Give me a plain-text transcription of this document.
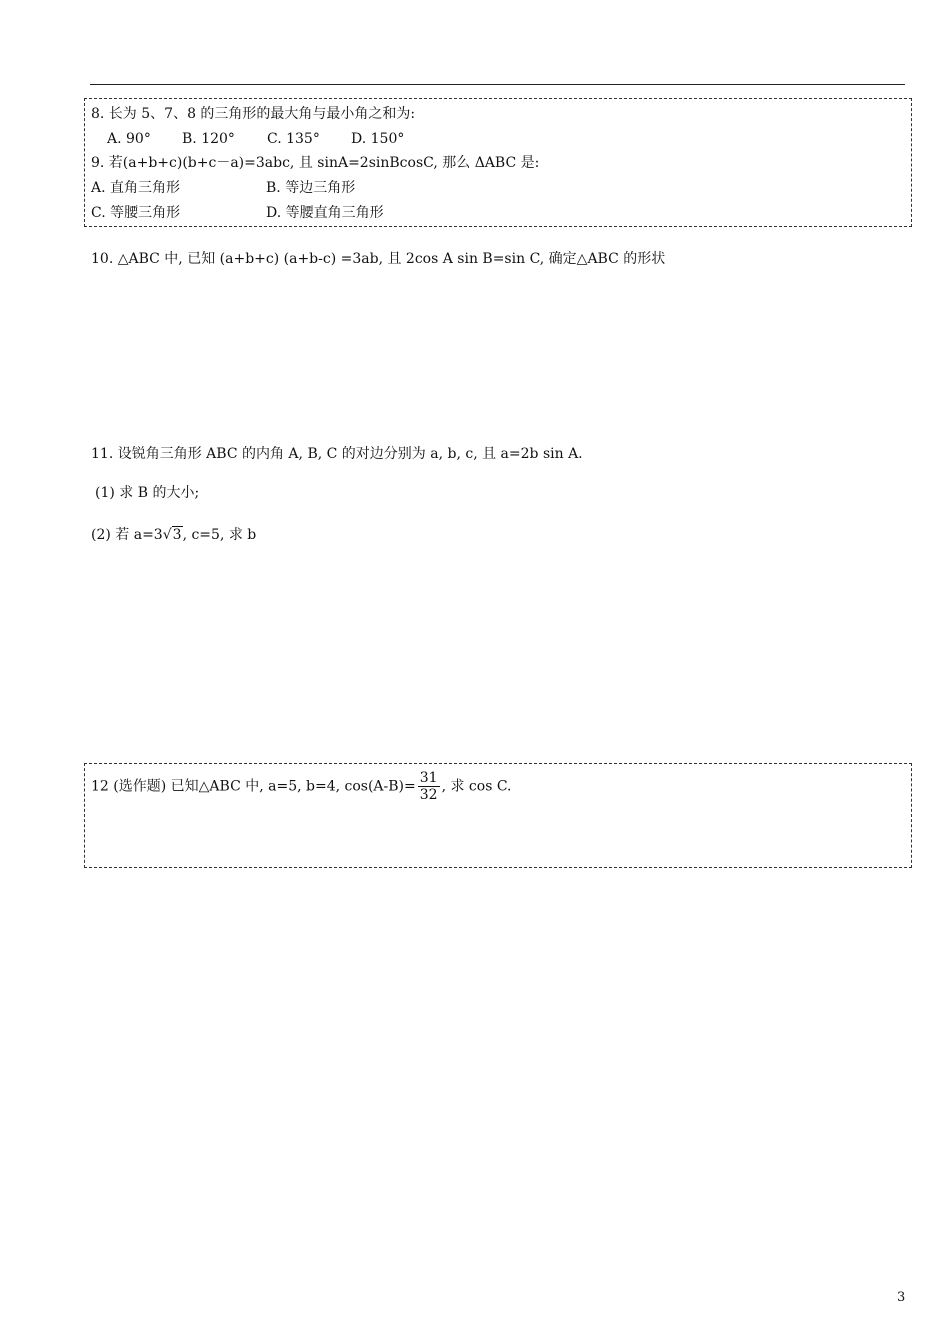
8. 长为 5、7、8 的三角形的最大角与最小角之和为:
A. 90° B. 120° C. 135° D. 150°
9. 若(a+b+c)(b+c－a)=3abc, 且 sinA=2sinBcosC, 那么 ΔABC 是:
A. 直角三角形	B. 等边三角形
C. 等腰三角形	D. 等腰直角三角形
10. △ABC 中, 已知 (a+b+c) (a+b-c) =3ab, 且 2cos A sin B=sin C, 确定△ABC 的形状
11. 设锐角三角形 ABC 的内角 A, B, C 的对边分别为 a, b, c, 且 a=2b sin A.
(1) 求 B 的大小;
(2) 若 a=3√3, c=5, 求 b
12 (选作题) 已知△ABC 中, a=5, b=4, $\cos(A-B)= \frac{31}{32}$ , 求 cos C.
3
